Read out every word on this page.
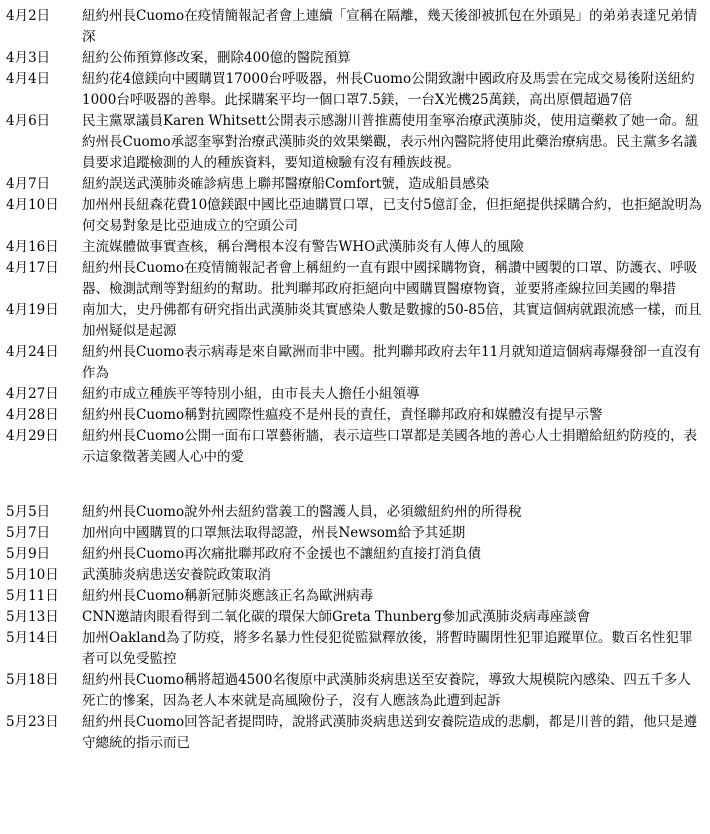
4月2日	紐約州長Cuomo在疫情簡報記者會上連續「宣稱在隔離，幾天後卻被抓包在外頭晃」的弟弟表達兄弟情深
4月3日	紐約公佈預算修改案，刪除400億的醫院預算
4月4日	紐約花4億鎂向中國購買17000台呼吸器，州長Cuomo公開致謝中國政府及馬雲在完成交易後附送紐約1000台呼吸器的善舉。此採購案平均一個口罩7.5鎂，一台X光機25萬鎂，高出原價超過7倍
4月6日	民主黨眾議員Karen Whitsett公開表示感謝川普推薦使用奎寧治療武漢肺炎，使用這藥救了她一命。紐約州長Cuomo承認奎寧對治療武漢肺炎的效果樂觀，表示州內醫院將使用此藥治療病患。民主黨多名議員要求追蹤檢測的人的種族資料，要知道檢驗有沒有種族歧視。
4月7日	紐約誤送武漢肺炎確診病患上聯邦醫療船Comfort號，造成船員感染
4月10日	加州州長紐森花費10億鎂跟中國比亞迪購買口罩，已支付5億訂金，但拒絕提供採購合約，也拒絕說明為何交易對象是比亞迪成立的空頭公司
4月16日	主流媒體做事實查核，稱台灣根本沒有警告WHO武漢肺炎有人傳人的風險
4月17日	紐約州長Cuomo在疫情簡報記者會上稱紐約一直有跟中國採購物資，稱讚中國製的口罩、防護衣、呼吸器、檢測試劑等對紐約的幫助。批判聯邦政府拒絕向中國購買醫療物資，並要將產線拉回美國的舉措
4月19日	南加大，史丹佛都有研究指出武漢肺炎其實感染人數是數據的50-85倍，其實這個病就跟流感一樣，而且加州疑似是起源
4月24日	紐約州長Cuomo表示病毒是來自歐洲而非中國。批判聯邦政府去年11月就知道這個病毒爆發卻一直沒有作為
4月27日	紐約市成立種族平等特別小組，由市長夫人擔任小組領導
4月28日	紐約州長Cuomo稱對抗國際性瘟疫不是州長的責任，責怪聯邦政府和媒體沒有提早示警
4月29日	紐約州長Cuomo公開一面布口罩藝術牆，表示這些口罩都是美國各地的善心人士捐贈給紐約防疫的，表示這象徵著美國人心中的愛
5月5日	紐約州長Cuomo說外州去紐約當義工的醫護人員，必須繳紐約州的所得稅
5月7日	加州向中國購買的口罩無法取得認證，州長Newsom給予其延期
5月9日	紐約州長Cuomo再次痛批聯邦政府不金援也不讓紐約直接打消負債
5月10日	武漢肺炎病患送安養院政策取消
5月11日	紐約州長Cuomo稱新冠肺炎應該正名為歐洲病毒
5月13日	CNN邀請肉眼看得到二氧化碳的環保大師Greta Thunberg參加武漢肺炎病毒座談會
5月14日	加州Oakland為了防疫，將多名暴力性侵犯從監獄釋放後，將暫時關閉性犯罪追蹤單位。數百名性犯罪者可以免受監控
5月18日	紐約州長Cuomo稱將超過4500名復原中武漢肺炎病患送至安養院，導致大規模院內感染、四五千多人死亡的慘案，因為老人本來就是高風險份子，沒有人應該為此遭到起訴
5月23日	紐約州長Cuomo回答記者提問時，說將武漢肺炎病患送到安養院造成的悲劇，都是川普的錯，他只是遵守總統的指示而已
